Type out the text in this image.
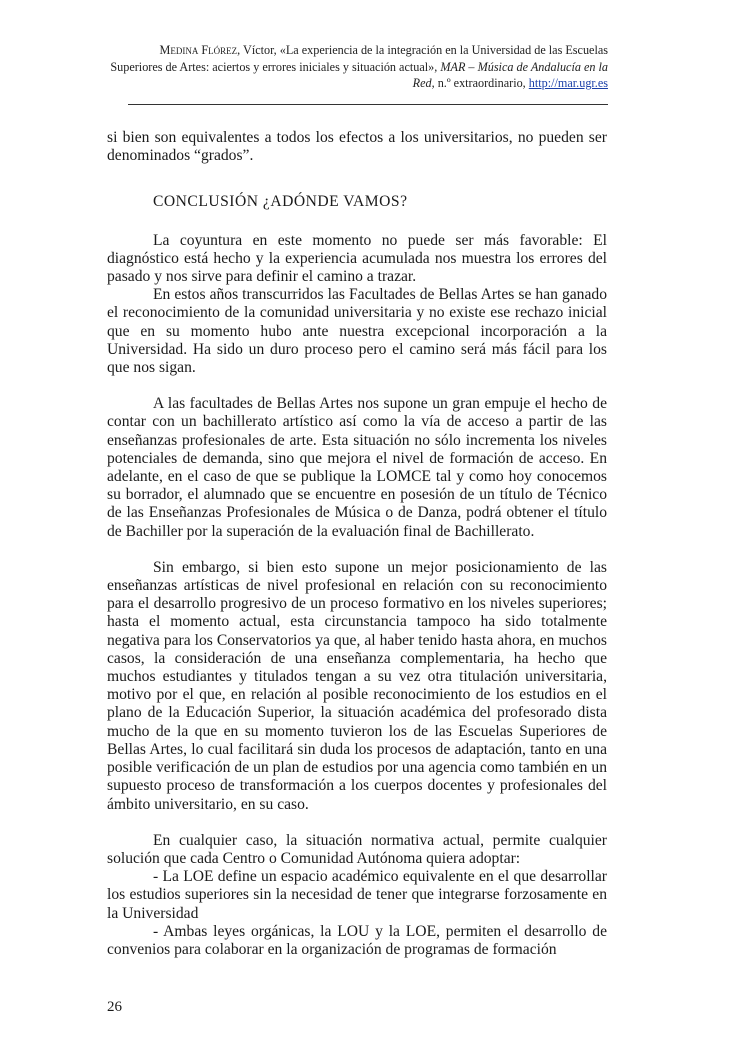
Medina Flórez, Víctor, «La experiencia de la integración en la Universidad de las Escuelas
Superiores de Artes: aciertos y errores iniciales y situación actual», MAR – Música de Andalucía en la Red, n.º extraordinario, http://mar.ugr.es

si bien son equivalentes a todos los efectos a los universitarios, no pueden ser denominados “grados”.

CONCLUSIÓN ¿ADÓNDE VAMOS?

La coyuntura en este momento no puede ser más favorable: El diagnóstico está hecho y la experiencia acumulada nos muestra los errores del pasado y nos sirve para definir el camino a trazar.

En estos años transcurridos las Facultades de Bellas Artes se han ganado el reconocimiento de la comunidad universitaria y no existe ese rechazo inicial que en su momento hubo ante nuestra excepcional incorporación a la Universidad. Ha sido un duro proceso pero el camino será más fácil para los que nos sigan.

A las facultades de Bellas Artes nos supone un gran empuje el hecho de contar con un bachillerato artístico así como la vía de acceso a partir de las enseñanzas profesionales de arte. Esta situación no sólo incrementa los niveles potenciales de demanda, sino que mejora el nivel de formación de acceso. En adelante, en el caso de que se publique la LOMCE tal y como hoy conocemos su borrador, el alumnado que se encuentre en posesión de un título de Técnico de las Enseñanzas Profesionales de Música o de Danza, podrá obtener el título de Bachiller por la superación de la evaluación final de Bachillerato.

Sin embargo, si bien esto supone un mejor posicionamiento de las enseñanzas artísticas de nivel profesional en relación con su reconocimiento para el desarrollo progresivo de un proceso formativo en los niveles superiores; hasta el momento actual, esta circunstancia tampoco ha sido totalmente negativa para los Conservatorios ya que, al haber tenido hasta ahora, en muchos casos, la consideración de una enseñanza complementaria, ha hecho que muchos estudiantes y titulados tengan a su vez otra titulación universitaria, motivo por el que, en relación al posible reconocimiento de los estudios en el plano de la Educación Superior, la situación académica del profesorado dista mucho de la que en su momento tuvieron los de las Escuelas Superiores de Bellas Artes, lo cual facilitará sin duda los procesos de adaptación, tanto en una posible verificación de un plan de estudios por una agencia como también en un supuesto proceso de transformación a los cuerpos docentes y profesionales del ámbito universitario, en su caso.

En cualquier caso, la situación normativa actual, permite cualquier solución que cada Centro o Comunidad Autónoma quiera adoptar:

- La LOE define un espacio académico equivalente en el que desarrollar los estudios superiores sin la necesidad de tener que integrarse forzosamente en la Universidad

- Ambas leyes orgánicas, la LOU y la LOE, permiten el desarrollo de convenios para colaborar en la organización de programas de formación

26
